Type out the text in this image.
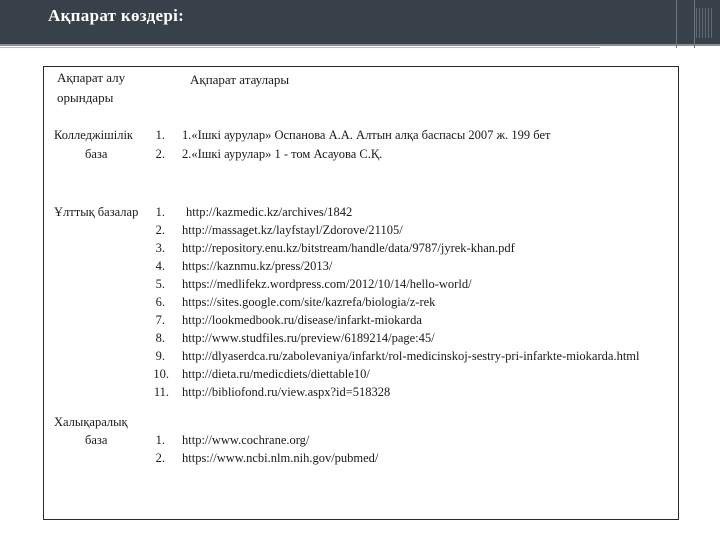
Ақпарат көздері:
Ақпарат алу
орындары
Ақпарат атаулары
Колледжішілік
база
1. 1.«Ішкі аурулар» Оспанова А.А. Алтын алқа баспасы 2007 ж. 199 бет
2. 2.«Ішкі аурулар» 1 - том Асауова С.Қ.
Ұлттық базалар	1. http://kazmedic.kz/archives/1842
2. http://massaget.kz/layfstayl/Zdorove/21105/
3. http://repository.enu.kz/bitstream/handle/data/9787/jyrek-khan.pdf
4. https://kaznmu.kz/press/2013/
5. https://medlifekz.wordpress.com/2012/10/14/hello-world/
6. https://sites.google.com/site/kazrefa/biologia/z-rek
7. http://lookmedbook.ru/disease/infarkt-miokarda
8. http://www.studfiles.ru/preview/6189214/page:45/
9. http://dlyaserdca.ru/zabolevaniya/infarkt/rol-medicinskoj-sestry-pri-infarkte-miokarda.html
10. http://dieta.ru/medicdiets/diettable10/
11. http://bibliofond.ru/view.aspx?id=518328
Халықаралық
база	1. http://www.cochrane.org/
2. https://www.ncbi.nlm.nih.gov/pubmed/
